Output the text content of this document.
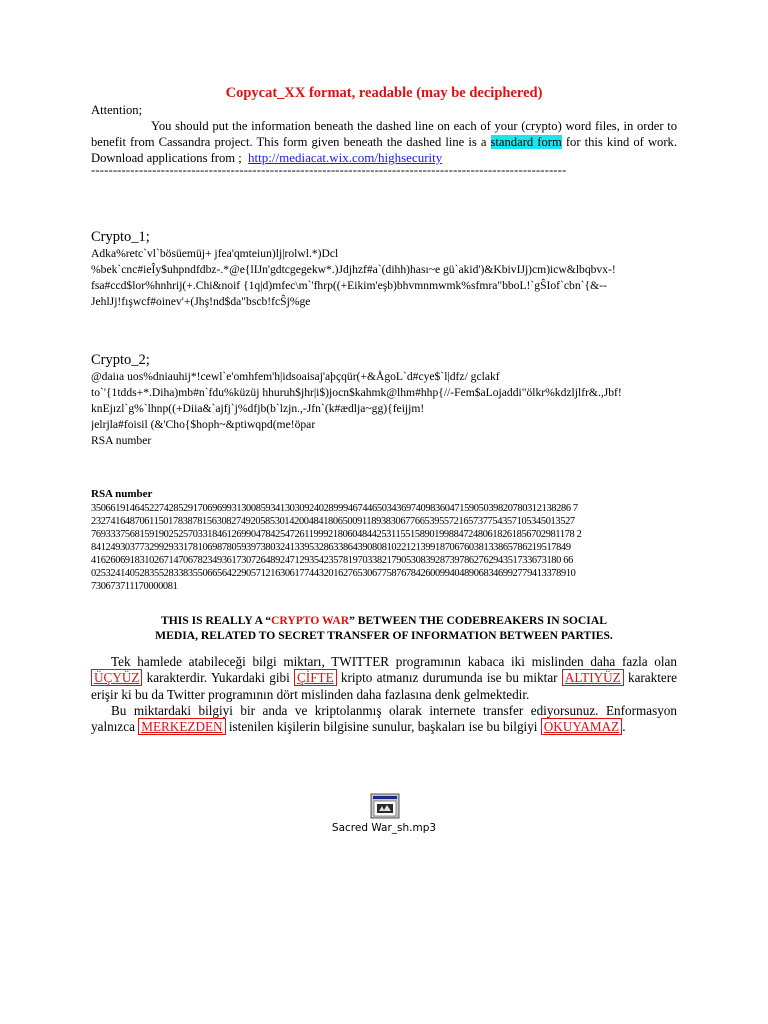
Copycat_XX format, readable (may be deciphered)

Attention;

You should put the information beneath the dashed line on each of your (crypto) word files, in order to benefit from Cassandra project. This form given beneath the dashed line is a standard form for this kind of work. Download applications from ; http://mediacat.wix.com/highsecurity

-------------------------------------------------------------------------------------------------------------
Crypto_1;
Adka%retc`vl`bösüemüj+ jfea'qmteiun)lj|rolwl.*)Dcl
%bek`cnc#ieÎy$uhpndfdbz-.*@e{lIJn'gdtcgegekw*.)Jdjhzf#a`(dihh)hası~e gü`akid')&KbivIJj)cm)icw&lbqbvx-!
fsa#ccd$lor%hnhrij(+.Chi&noif {1q|d)mfec\m`'fhrp((+Eikim'eşb)bhvmnmwmk%sfmra"bboL!`gŜIof`cbn`{&--
JehlJj!fışwcf#oinev'+(Jhş!nd$da"bscb!fcŜj%ge
Crypto_2;
@daiıa uos%dniauhij*!cewl`e'omhfem'h|idsoaisaj'aþçqür(+&ÅgoL`d#cye$`l|dfz/ gclakf
to`'{1tdds+*.Diha)mb#n`fdu%küzüj hhuruh$jhr|i$)jocn$kahmk@lhm#hhp{//-Fem$aLojaddi"ölkr%kdzljlfr&.,Jbf!
knEjızl`g%`lhnp((+Diia&`ajfj`j%dfjb(b`lzjn.,-Jfn`(k#ædlja~gg){feijjm!
jelrjla#foisil (&'Cho{$hoph~&ptiwqpd(me!öpar
RSA number
RSA number
350661914645227428529170696993130085934130309240289994674465034369740983604715905039820780312138286 7
2327416487061150178387815630827492058530142004841806500911893830677665395572165737754357105345013527
7693337568159190252570331846126990478425472611999218060484425311551589019988472480618261856702981178 2
841249303773299293317810698780593973803241339532863386439080810221213991870676038133865786219517849
4162606918310267147067823493617307264892471293542357819703382179053083928739786276294351733673180 66
0253241405283552833835506656422905712163061774432016276530677587678426009940489068346992779413378910
730673711170000081
THIS IS REALLY A “CRYPTO WAR” BETWEEN THE CODEBREAKERS IN SOCIAL
MEDIA, RELATED TO SECRET TRANSFER OF INFORMATION BETWEEN PARTIES.

Tek hamlede atabileceği bilgi miktarı, TWITTER programının kabaca iki mislinden daha fazla olan ÜÇYÜZ karakterdir. Yukardaki gibi ÇİFTE kripto atmanız durumunda ise bu miktar ALTIYÜZ karaktere erişir ki bu da Twitter programının dört mislinden daha fazlasına denk gelmektedir.

Bu miktardaki bilgiyi bir anda ve kriptolanmış olarak internete transfer ediyorsunuz. Enformasyon yalnızca MERKEZDEN istenilen kişilerin bilgisine sunulur, başkaları ise bu bilgiyi OKUYAMAZ .

Sacred War_sh.mp3
